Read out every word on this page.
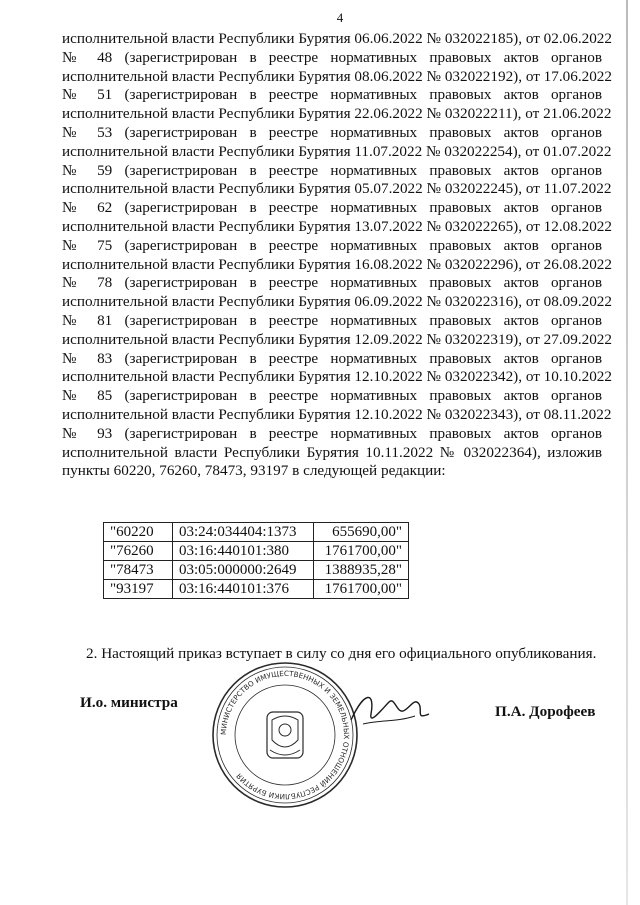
4
исполнительной власти Республики Бурятия 06.06.2022 № 032022185), от 02.06.2022
№ 48 (зарегистрирован в реестре нормативных правовых актов органов
исполнительной власти Республики Бурятия 08.06.2022 № 032022192), от 17.06.2022
№ 51 (зарегистрирован в реестре нормативных правовых актов органов
исполнительной власти Республики Бурятия 22.06.2022 № 032022211), от 21.06.2022
№ 53 (зарегистрирован в реестре нормативных правовых актов органов
исполнительной власти Республики Бурятия 11.07.2022 № 032022254), от 01.07.2022
№ 59 (зарегистрирован в реестре нормативных правовых актов органов
исполнительной власти Республики Бурятия 05.07.2022 № 032022245), от 11.07.2022
№ 62 (зарегистрирован в реестре нормативных правовых актов органов
исполнительной власти Республики Бурятия 13.07.2022 № 032022265), от 12.08.2022
№ 75 (зарегистрирован в реестре нормативных правовых актов органов
исполнительной власти Республики Бурятия 16.08.2022 № 032022296), от 26.08.2022
№ 78 (зарегистрирован в реестре нормативных правовых актов органов
исполнительной власти Республики Бурятия 06.09.2022 № 032022316), от 08.09.2022
№ 81 (зарегистрирован в реестре нормативных правовых актов органов
исполнительной власти Республики Бурятия 12.09.2022 № 032022319), от 27.09.2022
№ 83 (зарегистрирован в реестре нормативных правовых актов органов
исполнительной власти Республики Бурятия 12.10.2022 № 032022342), от 10.10.2022
№ 85 (зарегистрирован в реестре нормативных правовых актов органов
исполнительной власти Республики Бурятия 12.10.2022 № 032022343), от 08.11.2022
№ 93 (зарегистрирован в реестре нормативных правовых актов органов
исполнительной власти Республики Бурятия 10.11.2022 № 032022364), изложив
пункты 60220, 76260, 78473, 93197 в следующей редакции:
"60220	03:24:034404:1373	655690,00"
"76260	03:16:440101:380	1761700,00"
"78473	03:05:000000:2649	1388935,28"
"93197	03:16:440101:376	1761700,00"
2. Настоящий приказ вступает в силу со дня его официального опубликования.
И.о. министра
МИНИСТЕРСТВО ИМУЩЕСТВЕННЫХ И ЗЕМЕЛЬНЫХ ОТНОШЕНИЙ РЕСПУБЛИКИ БУРЯТИЯ
П.А. Дорофеев
